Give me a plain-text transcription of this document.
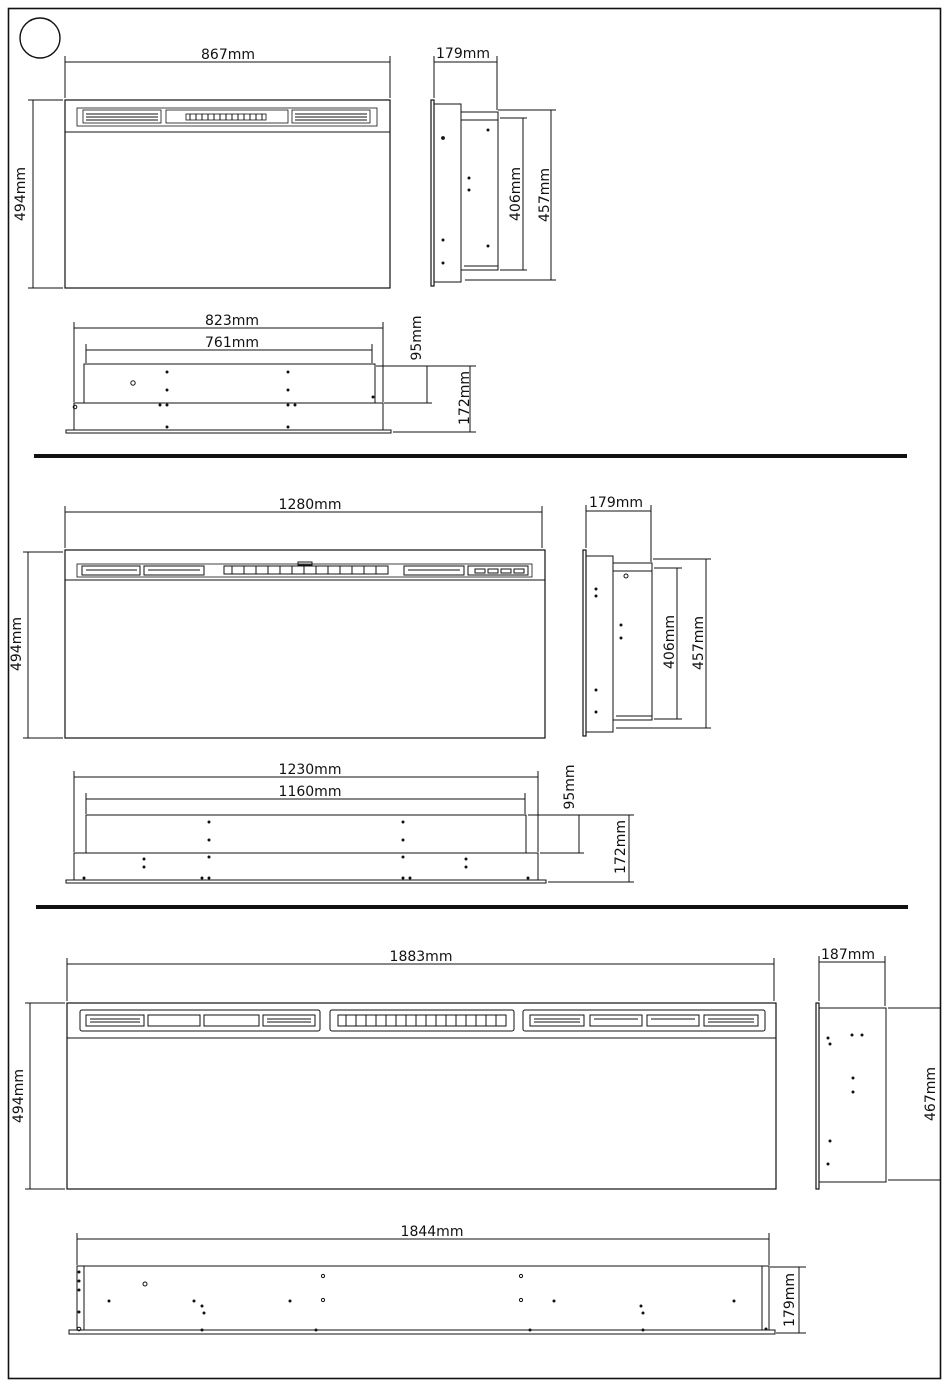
867mm
494mm
179mm
406mm 457mm
823mm
761mm	95mm
172mm
1280mm
494mm
179mm
406mm 457mm
1230mm
1160mm	95mm
172mm
1883mm
494mm
187mm
467mm
1844mm
179mm
